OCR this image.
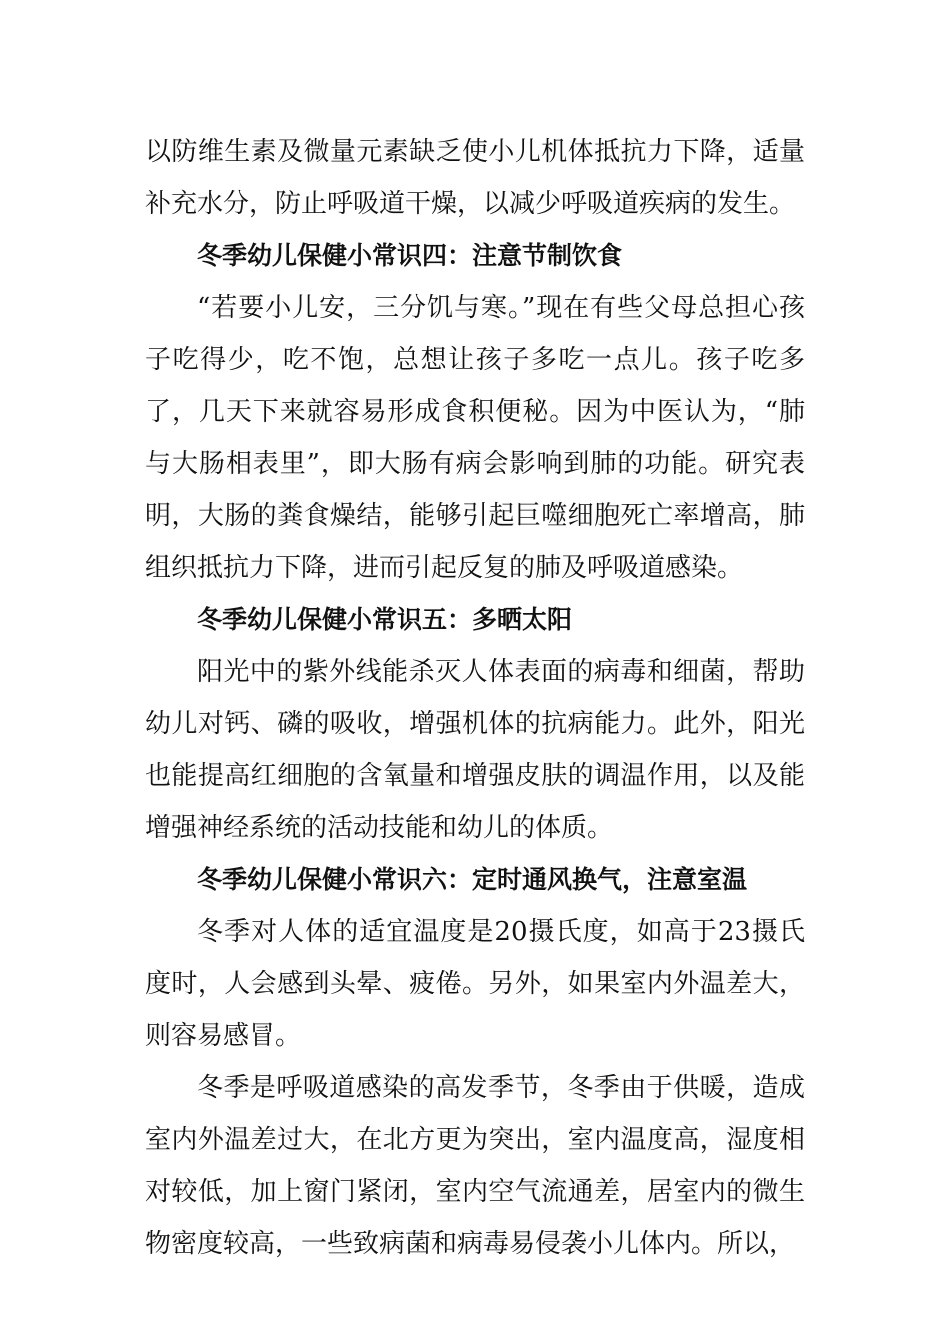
以防维生素及微量元素缺乏使小儿机体抵抗力下降，适量补充水分，防止呼吸道干燥，以减少呼吸道疾病的发生。

冬季幼儿保健小常识四：注意节制饮食

“若要小儿安，三分饥与寒。”现在有些父母总担心孩子吃得少，吃不饱，总想让孩子多吃一点儿。孩子吃多了，几天下来就容易形成食积便秘。因为中医认为，“肺与大肠相表里”，即大肠有病会影响到肺的功能。研究表明，大肠的粪食燥结，能够引起巨噬细胞死亡率增高，肺组织抵抗力下降，进而引起反复的肺及呼吸道感染。

冬季幼儿保健小常识五：多晒太阳

阳光中的紫外线能杀灭人体表面的病毒和细菌，帮助幼儿对钙、磷的吸收，增强机体的抗病能力。此外，阳光也能提高红细胞的含氧量和增强皮肤的调温作用，以及能增强神经系统的活动技能和幼儿的体质。

冬季幼儿保健小常识六：定时通风换气，注意室温

冬季对人体的适宜温度是20摄氏度，如高于23摄氏度时，人会感到头晕、疲倦。另外，如果室内外温差大，则容易感冒。

冬季是呼吸道感染的高发季节，冬季由于供暖，造成室内外温差过大，在北方更为突出，室内温度高，湿度相对较低，加上窗门紧闭，室内空气流通差，居室内的微生物密度较高，一些致病菌和病毒易侵袭小儿体内。所以，
